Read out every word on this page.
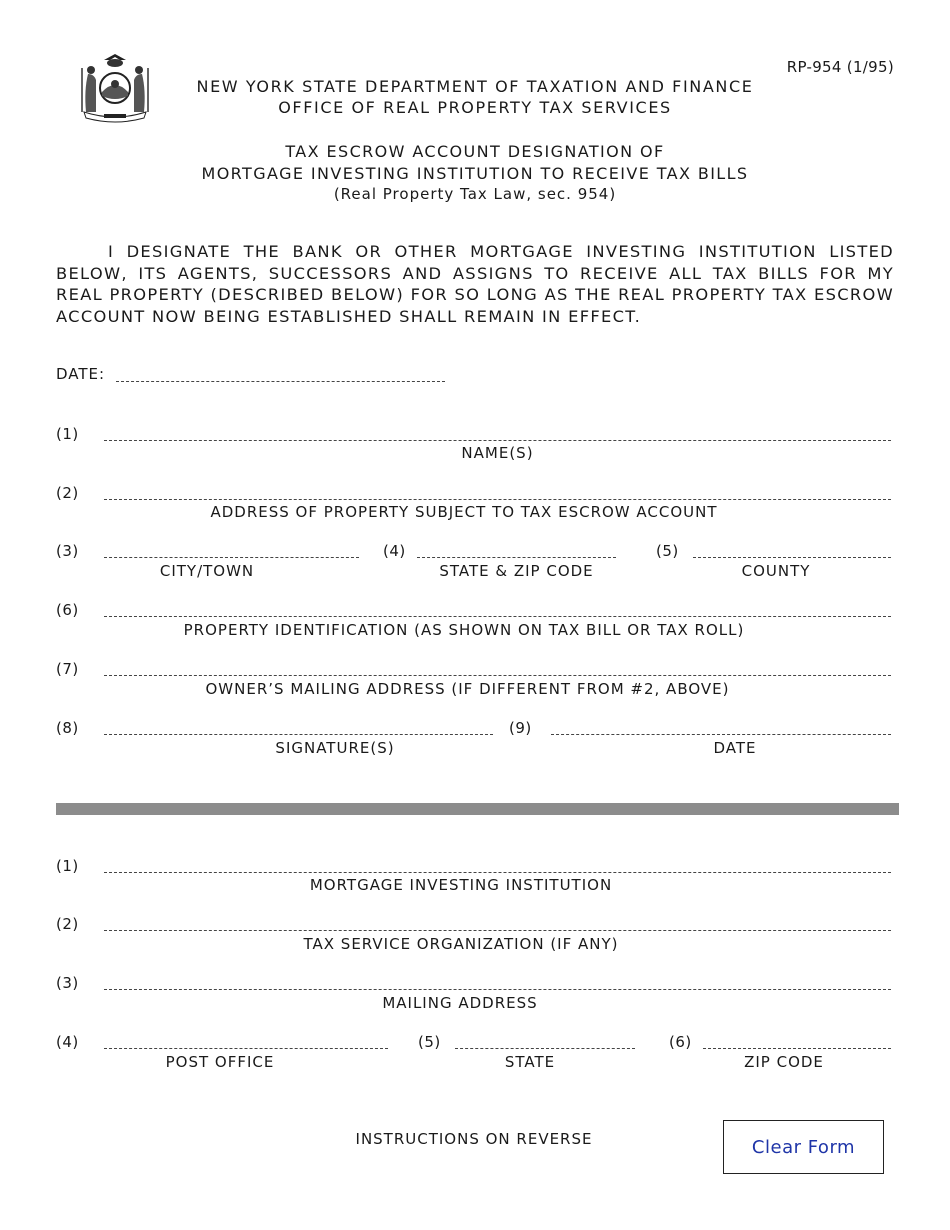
RP-954 (1/95)
NEW YORK STATE DEPARTMENT OF TAXATION AND FINANCE
OFFICE OF REAL PROPERTY TAX SERVICES
TAX ESCROW ACCOUNT DESIGNATION OF
MORTGAGE INVESTING INSTITUTION TO RECEIVE TAX BILLS
(Real Property Tax Law, sec. 954)
I DESIGNATE THE BANK OR OTHER MORTGAGE INVESTING INSTITUTION LISTED BELOW, ITS AGENTS, SUCCESSORS AND ASSIGNS TO RECEIVE ALL TAX BILLS FOR MY REAL PROPERTY (DESCRIBED BELOW) FOR SO LONG AS THE REAL PROPERTY TAX ESCROW ACCOUNT NOW BEING ESTABLISHED SHALL REMAIN IN EFFECT.
DATE:
(1)
NAME(S)
(2)
ADDRESS OF PROPERTY SUBJECT TO TAX ESCROW ACCOUNT
(3)
CITY/TOWN
(4)
STATE & ZIP CODE
(5)
COUNTY
(6)
PROPERTY IDENTIFICATION (AS SHOWN ON TAX BILL OR TAX ROLL)
(7)
OWNER’S MAILING ADDRESS (IF DIFFERENT FROM #2, ABOVE)
(8)
SIGNATURE(S)
(9)
DATE
(1)
MORTGAGE INVESTING INSTITUTION
(2)
TAX SERVICE ORGANIZATION (IF ANY)
(3)
MAILING ADDRESS
(4)
POST OFFICE
(5)
STATE
(6)
ZIP CODE
INSTRUCTIONS ON REVERSE	Clear Form
